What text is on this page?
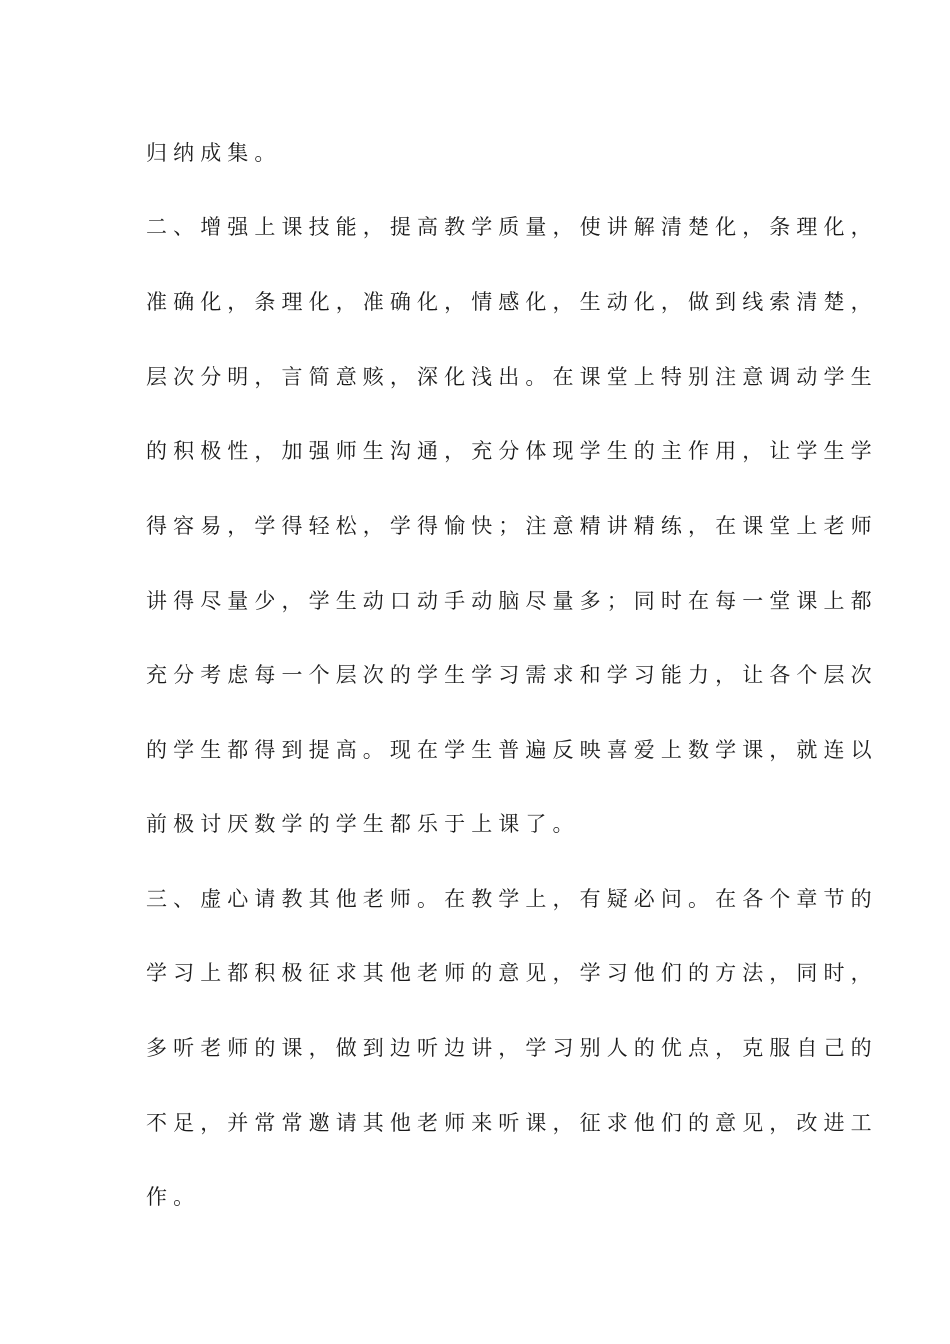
归纳成集。
二、增强上课技能，提高教学质量，使讲解清楚化，条理化，
准确化，条理化，准确化，情感化，生动化，做到线索清楚，
层次分明，言简意赅，深化浅出。在课堂上特别注意调动学生
的积极性，加强师生沟通，充分体现学生的主作用，让学生学
得容易，学得轻松，学得愉快；注意精讲精练，在课堂上老师
讲得尽量少，学生动口动手动脑尽量多；同时在每一堂课上都
充分考虑每一个层次的学生学习需求和学习能力，让各个层次
的学生都得到提高。现在学生普遍反映喜爱上数学课，就连以
前极讨厌数学的学生都乐于上课了。
三、虚心请教其他老师。在教学上，有疑必问。在各个章节的
学习上都积极征求其他老师的意见，学习他们的方法，同时，
多听老师的课，做到边听边讲，学习别人的优点，克服自己的
不足，并常常邀请其他老师来听课，征求他们的意见，改进工
作。
